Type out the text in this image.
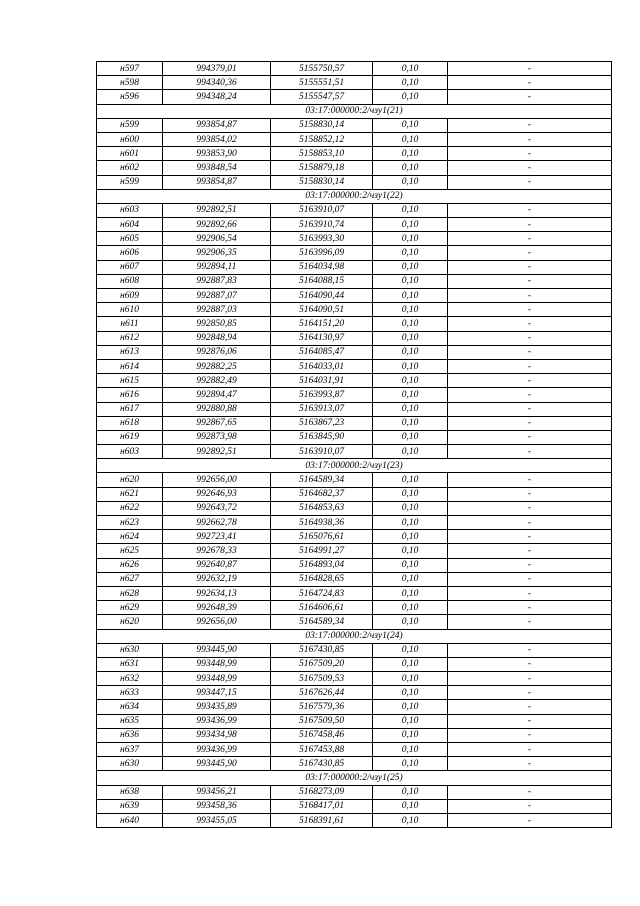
н597	994379,01	5155750,57	0,10	-
н598	994340,36	5155551,51	0,10	-
н596	994348,24	5155547,57	0,10	-
03:17:000000:2/чзу1(21)				
н599	993854,87	5158830,14	0,10	-
н600	993854,02	5158852,12	0,10	-
н601	993853,90	5158853,10	0,10	-
н602	993848,54	5158879,18	0,10	-
н599	993854,87	5158830,14	0,10	-
03:17:000000:2/чзу1(22)				
н603	992892,51	5163910,07	0,10	-
н604	992892,66	5163910,74	0,10	-
н605	992906,54	5163993,30	0,10	-
н606	992906,35	5163996,09	0,10	-
н607	992894,11	5164034,98	0,10	-
н608	992887,83	5164088,15	0,10	-
н609	992887,07	5164090,44	0,10	-
н610	992887,03	5164090,51	0,10	-
н611	992850,85	5164151,20	0,10	-
н612	992848,94	5164130,97	0,10	-
н613	992876,06	5164085,47	0,10	-
н614	992882,25	5164033,01	0,10	-
н615	992882,49	5164031,91	0,10	-
н616	992894,47	5163993,87	0,10	-
н617	992880,88	5163913,07	0,10	-
н618	992867,65	5163867,23	0,10	-
н619	992873,98	5163845,90	0,10	-
н603	992892,51	5163910,07	0,10	-
03:17:000000:2/чзу1(23)				
н620	992656,00	5164589,34	0,10	-
н621	992646,93	5164682,37	0,10	-
н622	992643,72	5164853,63	0,10	-
н623	992662,78	5164938,36	0,10	-
н624	992723,41	5165076,61	0,10	-
н625	992678,33	5164991,27	0,10	-
н626	992640,87	5164893,04	0,10	-
н627	992632,19	5164828,65	0,10	-
н628	992634,13	5164724,83	0,10	-
н629	992648,39	5164606,61	0,10	-
н620	992656,00	5164589,34	0,10	-
03:17:000000:2/чзу1(24)				
н630	993445,90	5167430,85	0,10	-
н631	993448,99	5167509,20	0,10	-
н632	993448,99	5167509,53	0,10	-
н633	993447,15	5167626,44	0,10	-
н634	993435,89	5167579,36	0,10	-
н635	993436,99	5167509,50	0,10	-
н636	993434,98	5167458,46	0,10	-
н637	993436,99	5167453,88	0,10	-
н630	993445,90	5167430,85	0,10	-
03:17:000000:2/чзу1(25)				
н638	993456,21	5168273,09	0,10	-
н639	993458,36	5168417,01	0,10	-
н640	993455,05	5168391,61	0,10	-
